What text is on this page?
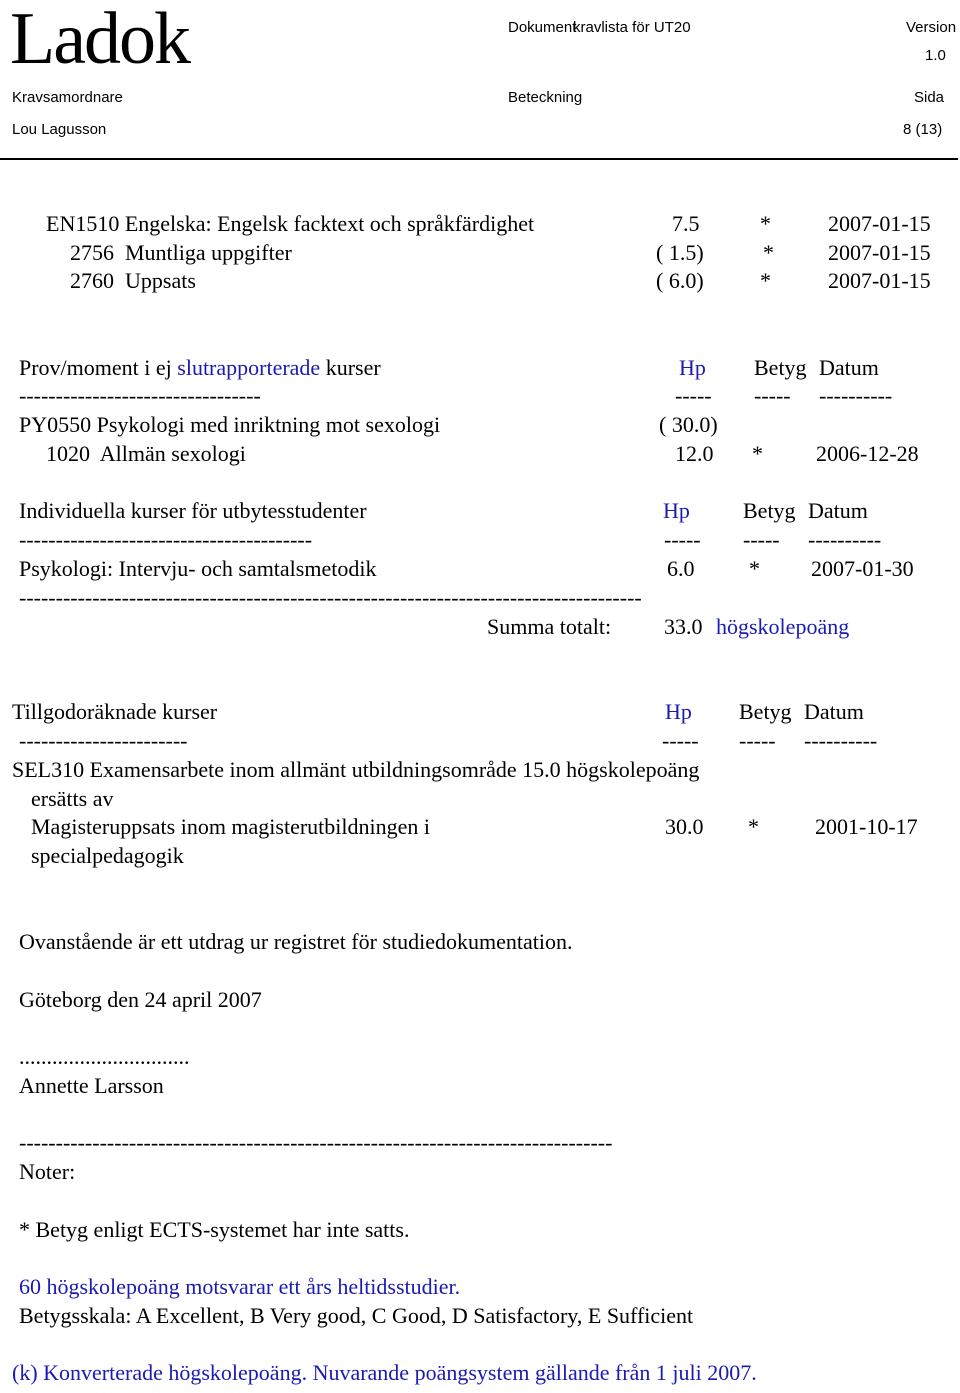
Ladok	Dokument
kravlista för UT20	Version
1.0
Kravsamordnare	Beteckning	Sida
Lou Lagusson	8 (13)
EN1510 Engelska: Engelsk facktext och språkfärdighet	7.5	*	2007-01-15
2756  Muntliga uppgifter	( 1.5)	* 2007-01-15
2760  Uppsats	( 6.0)	*	2007-01-15
Prov/moment i ej slutrapporterade kurser	Hp Betyg Datum
---------------------------------	----- ----- ----------
PY0550 Psykologi med inriktning mot sexologi	( 30.0)
1020  Allmän sexologi	12.0 * 2006-12-28
Individuella kurser för utbytesstudenter	Hp Betyg Datum
----------------------------------------	----- ----- ----------
Psykologi: Intervju- och samtalsmetodik	6.0 * 2007-01-30
-------------------------------------------------------------------------------------
Summa totalt: 33.0 högskolepoäng
Tillgodoräknade kurser	Hp Betyg Datum
-----------------------	----- ----- ----------
SEL310 Examensarbete inom allmänt utbildningsområde 15.0 högskolepoäng
ersätts av
Magisteruppsats inom magisterutbildningen i	30.0 *	2001-10-17
specialpedagogik
Ovanstående är ett utdrag ur registret för studiedokumentation.
Göteborg den 24 april 2007
...............................
Annette Larsson
---------------------------------------------------------------------------------
Noter:
* Betyg enligt ECTS-systemet har inte satts.
60 högskolepoäng motsvarar ett års heltidsstudier.
Betygsskala: A Excellent, B Very good, C Good, D Satisfactory, E Sufficient
(k) Konverterade högskolepoäng. Nuvarande poängsystem gällande från 1 juli 2007.
